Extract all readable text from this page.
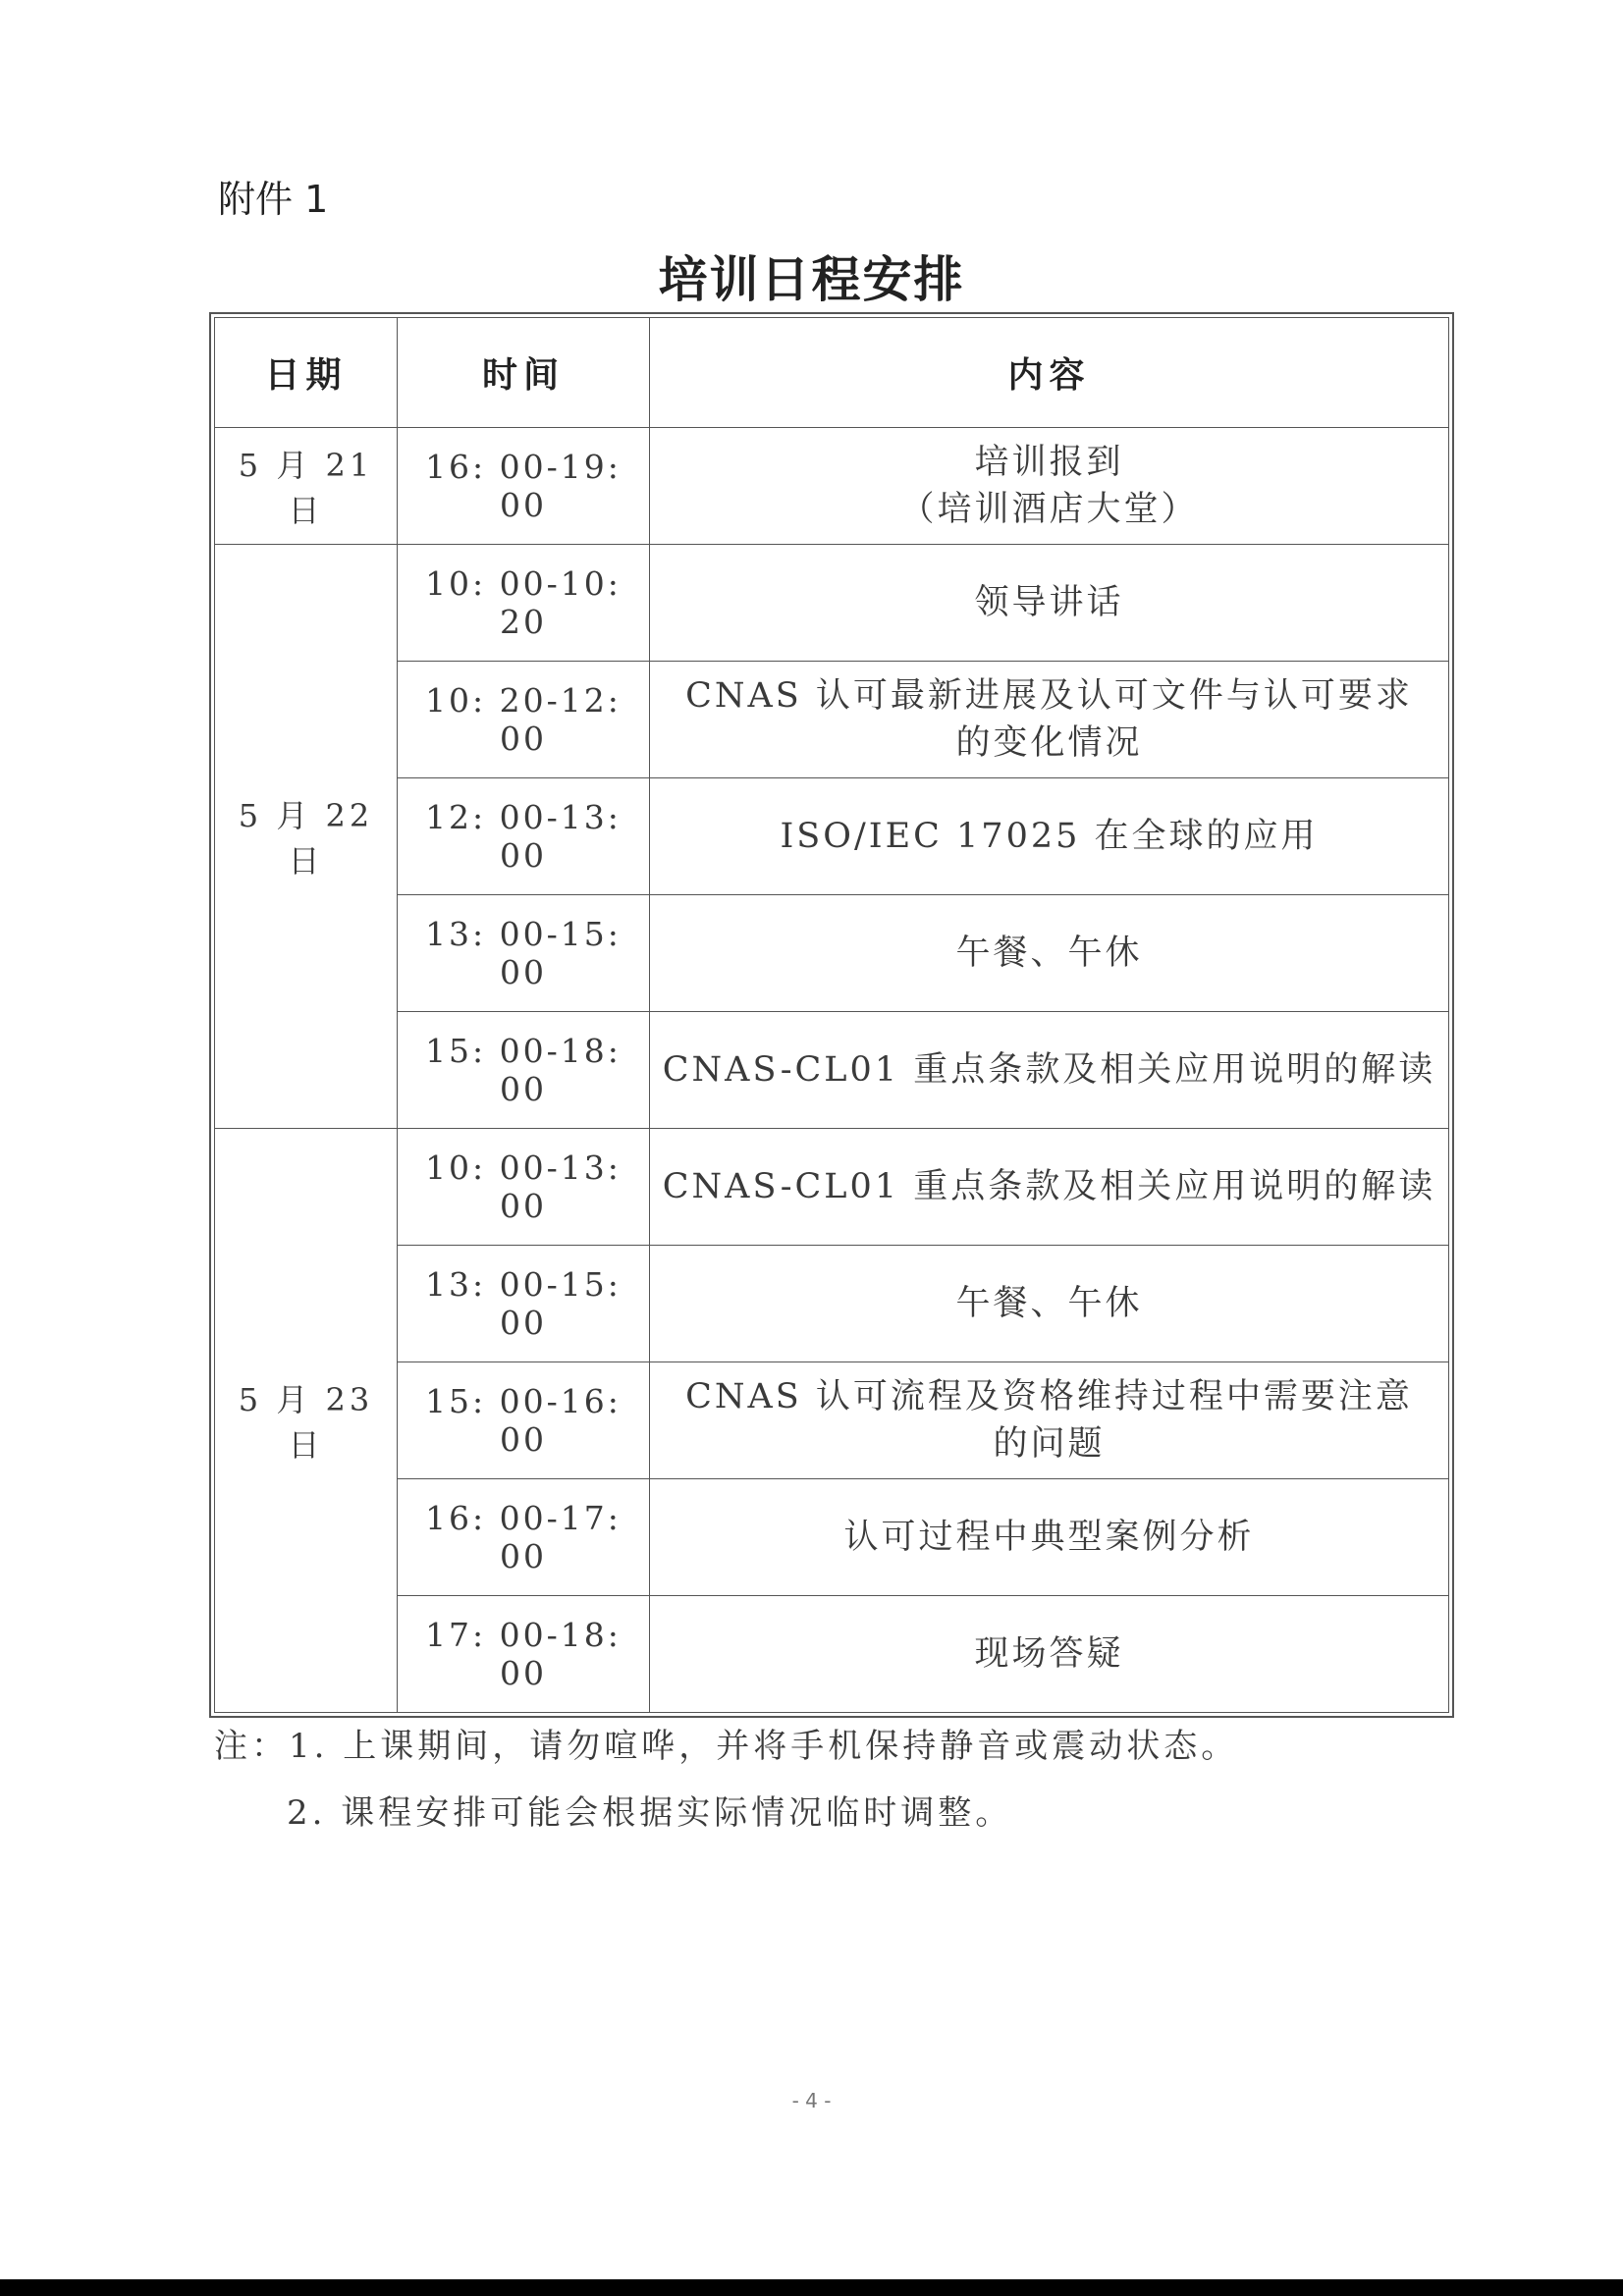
附件 1
培训日程安排
日期	时间	内容
5 月 21 日	16: 00-19: 00	培训报到
（培训酒店大堂）

5 月 22 日	10: 00-10: 20	领导讲话

	10: 20-12: 00	CNAS 认可最新进展及认可文件与认可要求
的变化情况

	12: 00-13: 00	ISO/IEC 17025 在全球的应用

	13: 00-15: 00	午餐、午休

	15: 00-18: 00	CNAS-CL01 重点条款及相关应用说明的解读

5 月 23 日	10: 00-13: 00	CNAS-CL01 重点条款及相关应用说明的解读

	13: 00-15: 00	午餐、午休

	15: 00-16: 00	CNAS 认可流程及资格维持过程中需要注意
的问题

	16: 00-17: 00	认可过程中典型案例分析

	17: 00-18: 00	现场答疑
注：1. 上课期间，请勿喧哗，并将手机保持静音或震动状态。
2. 课程安排可能会根据实际情况临时调整。
- 4 -
